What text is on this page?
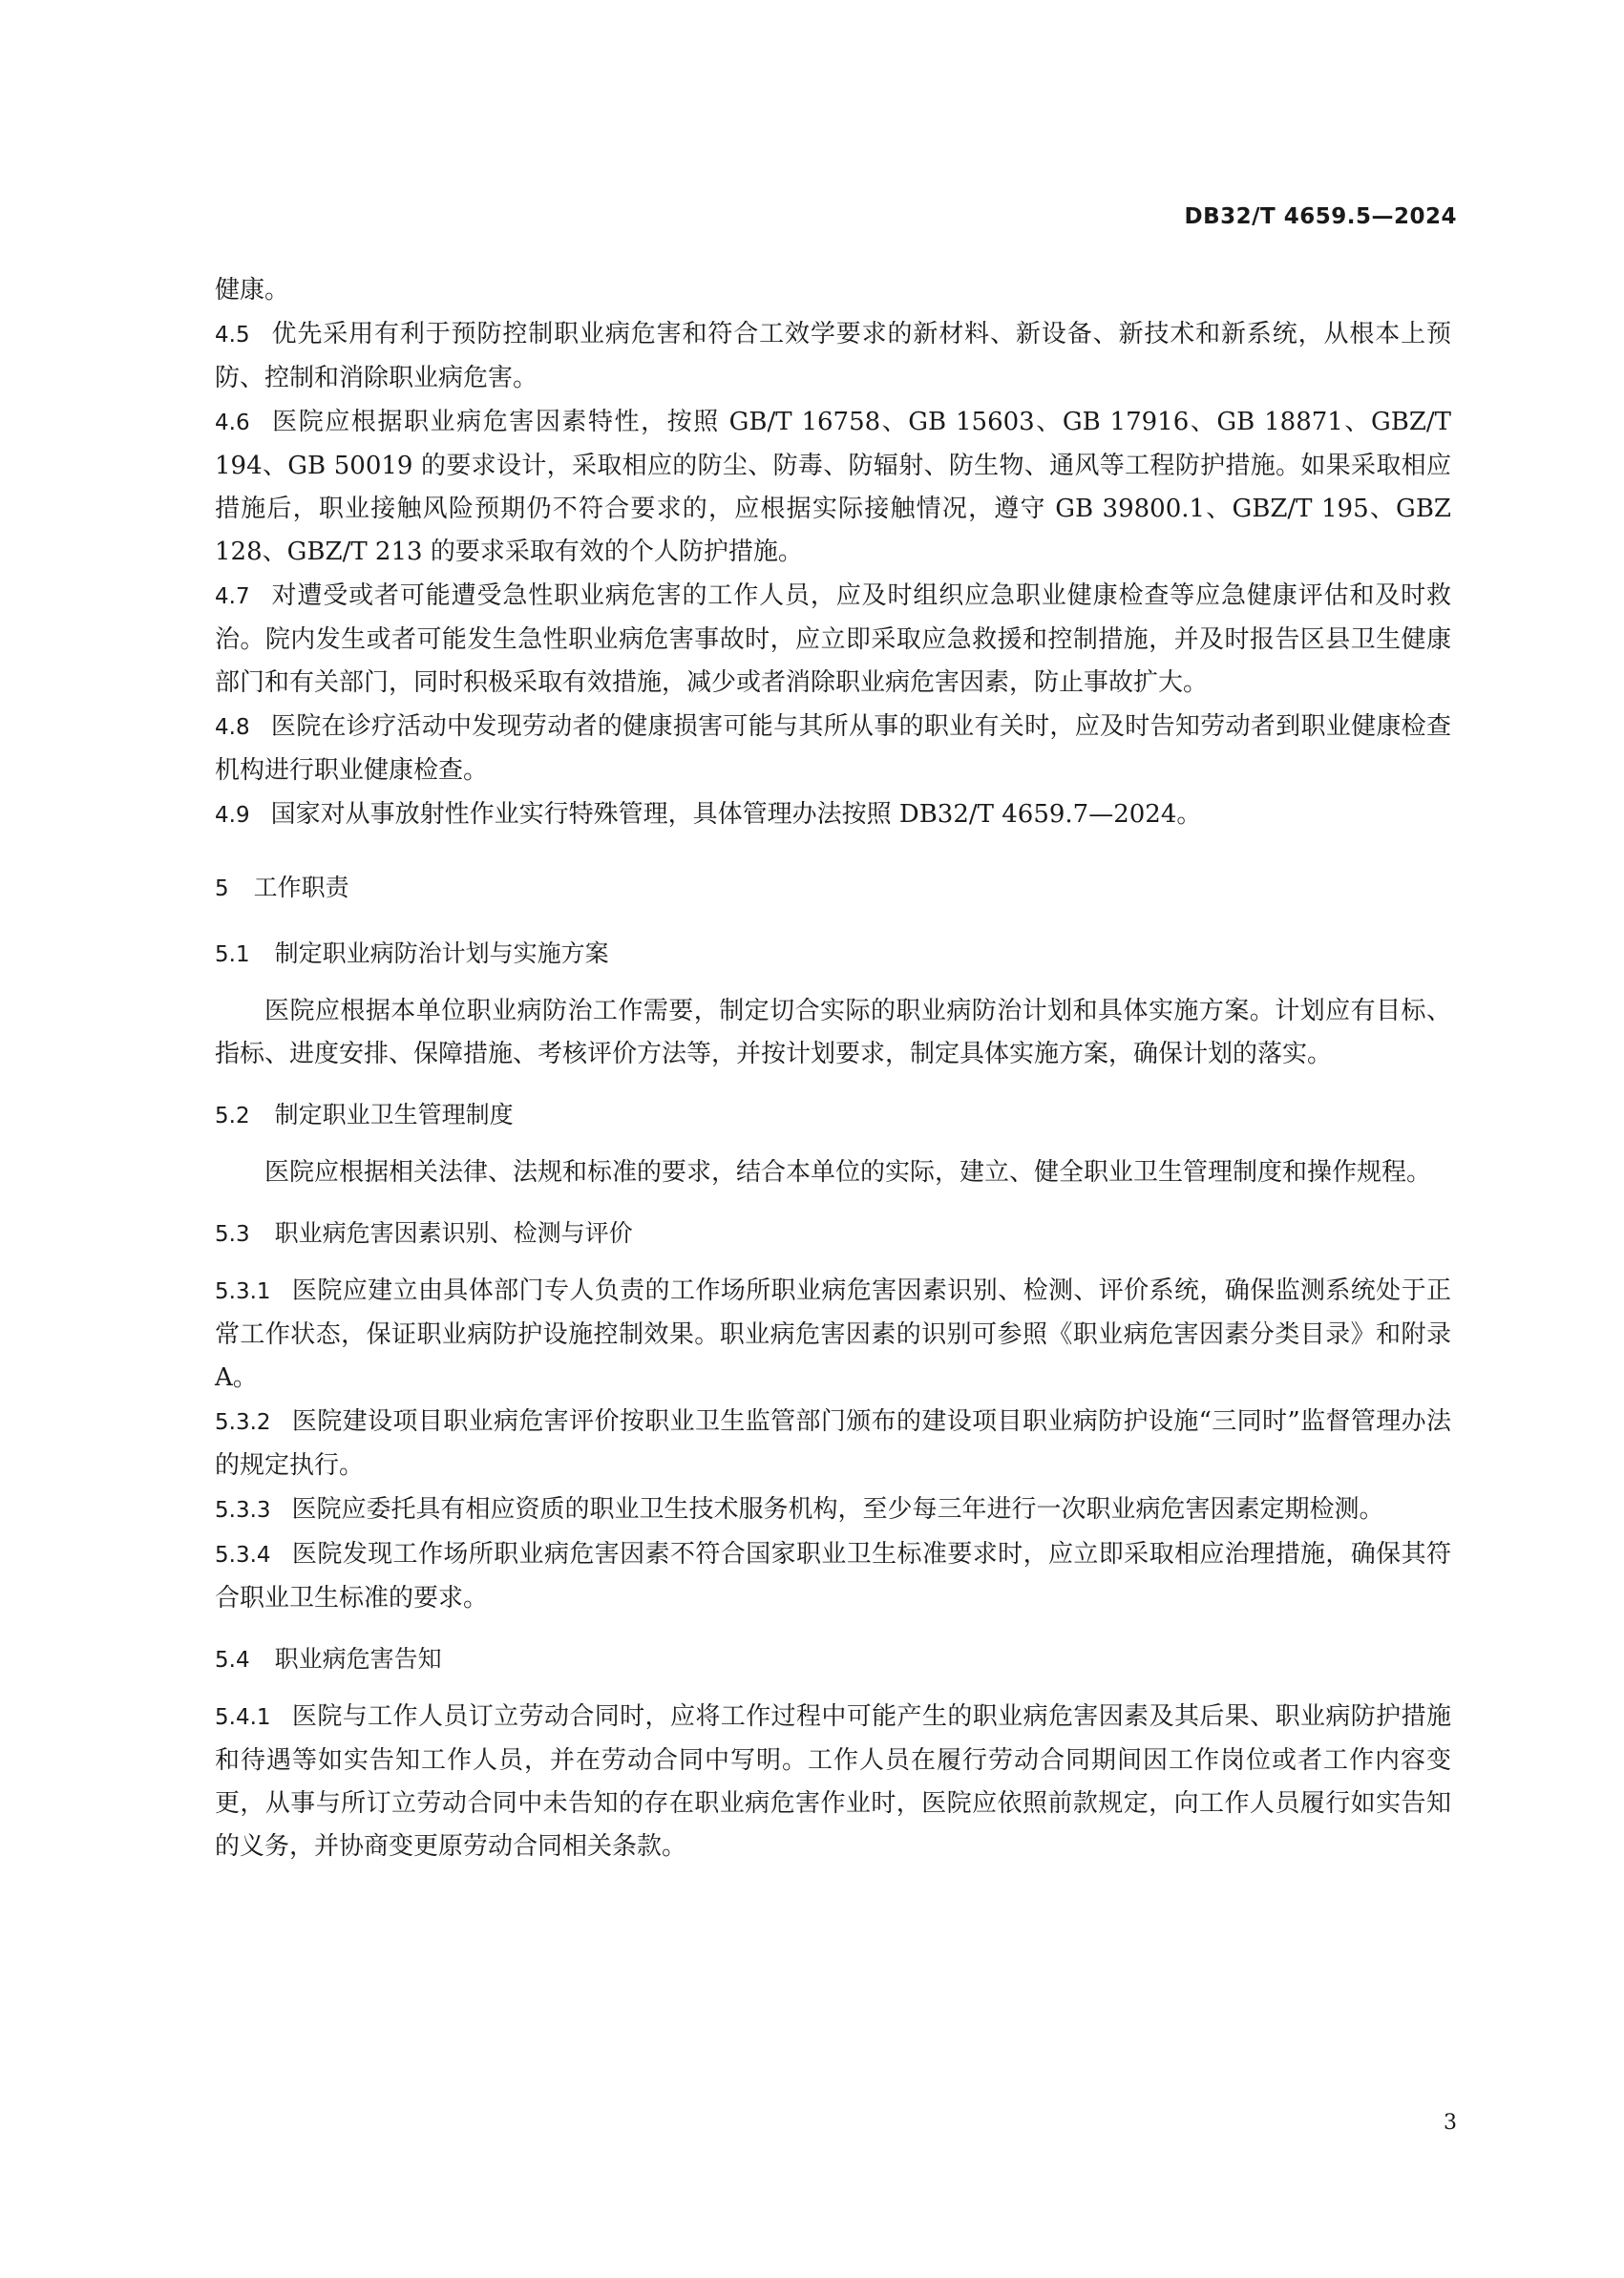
DB32/T 4659.5—2024

健康。

4.5 优先采用有利于预防控制职业病危害和符合工效学要求的新材料、新设备、新技术和新系统，从根本上预防、控制和消除职业病危害。

4.6 医院应根据职业病危害因素特性，按照 GB/T 16758、GB 15603、GB 17916、GB 18871、GBZ/T 194、GB 50019 的要求设计，采取相应的防尘、防毒、防辐射、防生物、通风等工程防护措施。如果采取相应措施后，职业接触风险预期仍不符合要求的，应根据实际接触情况，遵守 GB 39800.1、GBZ/T 195、GBZ 128、GBZ/T 213 的要求采取有效的个人防护措施。

4.7 对遭受或者可能遭受急性职业病危害的工作人员，应及时组织应急职业健康检查等应急健康评估和及时救治。院内发生或者可能发生急性职业病危害事故时，应立即采取应急救援和控制措施，并及时报告区县卫生健康部门和有关部门，同时积极采取有效措施，减少或者消除职业病危害因素，防止事故扩大。

4.8 医院在诊疗活动中发现劳动者的健康损害可能与其所从事的职业有关时，应及时告知劳动者到职业健康检查机构进行职业健康检查。

4.9 国家对从事放射性作业实行特殊管理，具体管理办法按照 DB32/T 4659.7—2024。

5 工作职责
5.1 制定职业病防治计划与实施方案

医院应根据本单位职业病防治工作需要，制定切合实际的职业病防治计划和具体实施方案。计划应有目标、指标、进度安排、保障措施、考核评价方法等，并按计划要求，制定具体实施方案，确保计划的落实。

5.2 制定职业卫生管理制度

医院应根据相关法律、法规和标准的要求，结合本单位的实际，建立、健全职业卫生管理制度和操作规程。

5.3 职业病危害因素识别、检测与评价

5.3.1 医院应建立由具体部门专人负责的工作场所职业病危害因素识别、检测、评价系统，确保监测系统处于正常工作状态，保证职业病防护设施控制效果。职业病危害因素的识别可参照《职业病危害因素分类目录》和附录 A。

5.3.2 医院建设项目职业病危害评价按职业卫生监管部门颁布的建设项目职业病防护设施“三同时”监督管理办法的规定执行。

5.3.3 医院应委托具有相应资质的职业卫生技术服务机构，至少每三年进行一次职业病危害因素定期检测。

5.3.4 医院发现工作场所职业病危害因素不符合国家职业卫生标准要求时，应立即采取相应治理措施，确保其符合职业卫生标准的要求。

5.4 职业病危害告知

5.4.1 医院与工作人员订立劳动合同时，应将工作过程中可能产生的职业病危害因素及其后果、职业病防护措施和待遇等如实告知工作人员，并在劳动合同中写明。工作人员在履行劳动合同期间因工作岗位或者工作内容变更，从事与所订立劳动合同中未告知的存在职业病危害作业时，医院应依照前款规定，向工作人员履行如实告知的义务，并协商变更原劳动合同相关条款。

3
